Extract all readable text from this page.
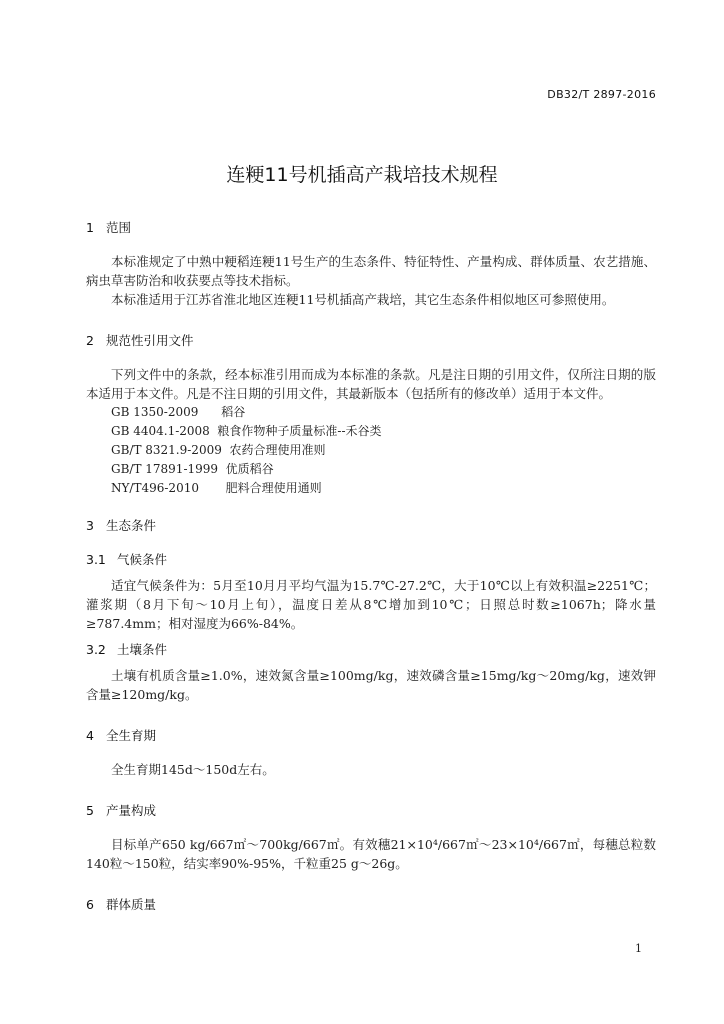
DB32/T 2897-2016
连粳11号机插高产栽培技术规程

1 范围

本标准规定了中熟中粳稻连粳11号生产的生态条件、特征特性、产量构成、群体质量、农艺措施、病虫草害防治和收获要点等技术指标。

本标准适用于江苏省淮北地区连粳11号机插高产栽培，其它生态条件相似地区可参照使用。

2 规范性引用文件

下列文件中的条款，经本标准引用而成为本标准的条款。凡是注日期的引用文件，仅所注日期的版本适用于本文件。凡是不注日期的引用文件，其最新版本（包括所有的修改单）适用于本文件。

GB 1350-2009      稻谷

GB 4404.1-2008  粮食作物种子质量标准--禾谷类

GB/T 8321.9-2009  农药合理使用准则

GB/T 17891-1999  优质稻谷

NY/T496-2010       肥料合理使用通则

3 生态条件

3.1 气候条件

适宜气候条件为：5月至10月月平均气温为15.7℃-27.2℃，大于10℃以上有效积温≥2251℃；灌浆期（8月下旬～10月上旬），温度日差从8℃增加到10℃；日照总时数≥1067h；降水量≥787.4mm；相对湿度为66%-84%。

3.2 土壤条件

土壤有机质含量≥1.0%，速效氮含量≥100mg/kg，速效磷含量≥15mg/kg～20mg/kg，速效钾含量≥120mg/kg。

4 全生育期

全生育期145d～150d左右。

5 产量构成

目标单产650 kg/667㎡～700kg/667㎡。有效穗21×10⁴/667㎡～23×10⁴/667㎡，每穗总粒数140粒～150粒，结实率90%-95%，千粒重25 g～26g。

6 群体质量

1
